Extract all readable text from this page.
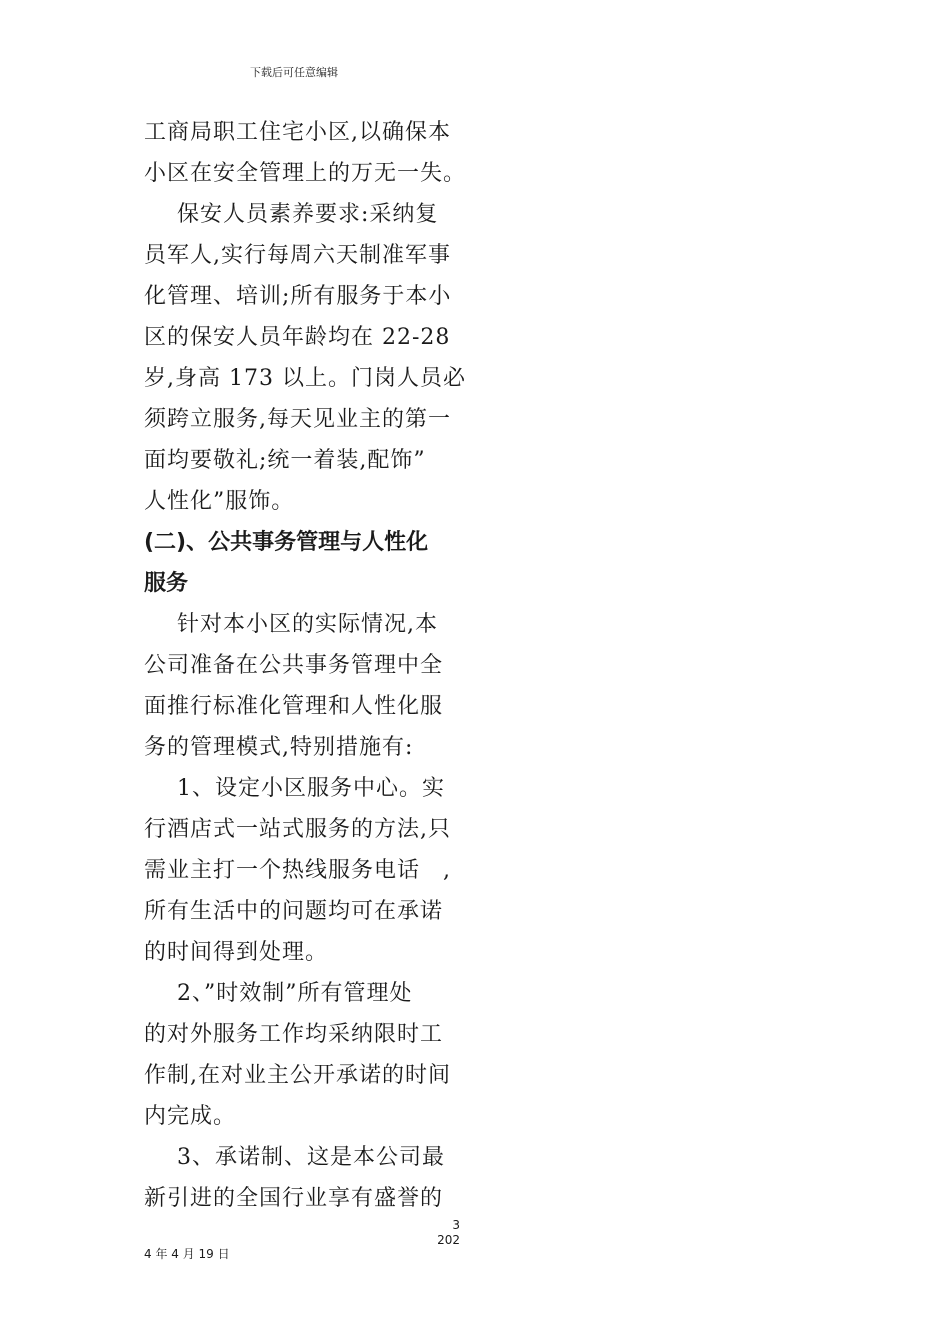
下载后可任意编辑
工商局职工住宅小区,以确保本
小区在安全管理上的万无一失。
保安人员素养要求:采纳复
员军人,实行每周六天制准军事
化管理、培训;所有服务于本小
区的保安人员年龄均在 22-28
岁,身高 173 以上。门岗人员必
须跨立服务,每天见业主的第一
面均要敬礼;统一着装,配饰”
人性化”服饰。
(二)、公共事务管理与人性化
服务
针对本小区的实际情况,本
公司准备在公共事务管理中全
面推行标准化管理和人性化服
务的管理模式,特别措施有:
1、设定小区服务中心。实
行酒店式一站式服务的方法,只
需业主打一个热线服务电话　,
所有生活中的问题均可在承诺
的时间得到处理。
2、”时效制”所有管理处
的对外服务工作均采纳限时工
作制,在对业主公开承诺的时间
内完成。
3、承诺制、这是本公司最
新引进的全国行业享有盛誉的
3
202
4 年 4 月 19 日
